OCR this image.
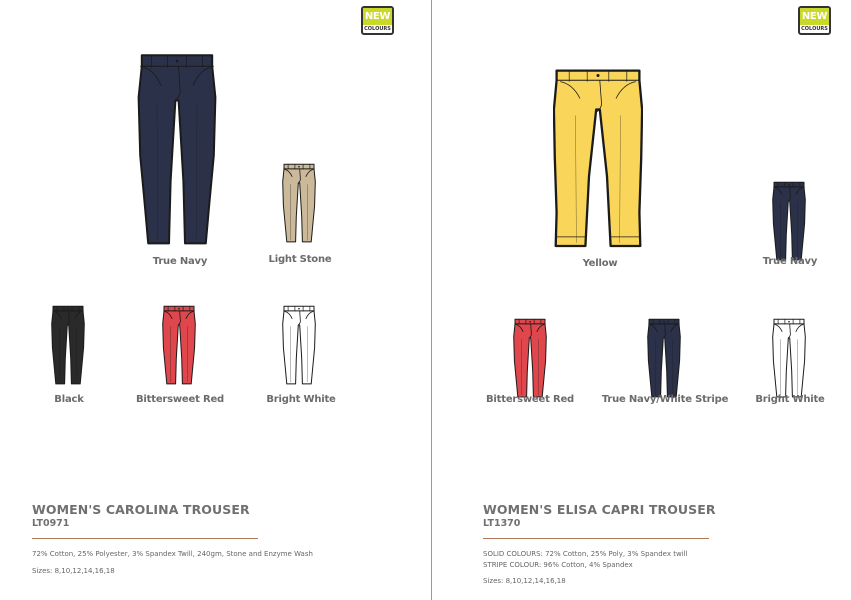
NEW
COLOURS
True Navy	Light Stone
Black	Bittersweet Red	Bright White
WOMEN'S CAROLINA TROUSER
LT0971
72% Cotton, 25% Polyester, 3% Spandex Twill, 240gm, Stone and Enzyme Wash
Sizes: 8,10,12,14,16,18
NEW
COLOURS
Yellow	True Navy
Bittersweet Red	True Navy/White Stripe	Bright White
WOMEN'S ELISA CAPRI TROUSER
LT1370
SOLID COLOURS: 72% Cotton, 25% Poly, 3% Spandex twill
STRIPE COLOUR: 96% Cotton, 4% Spandex
Sizes: 8,10,12,14,16,18
